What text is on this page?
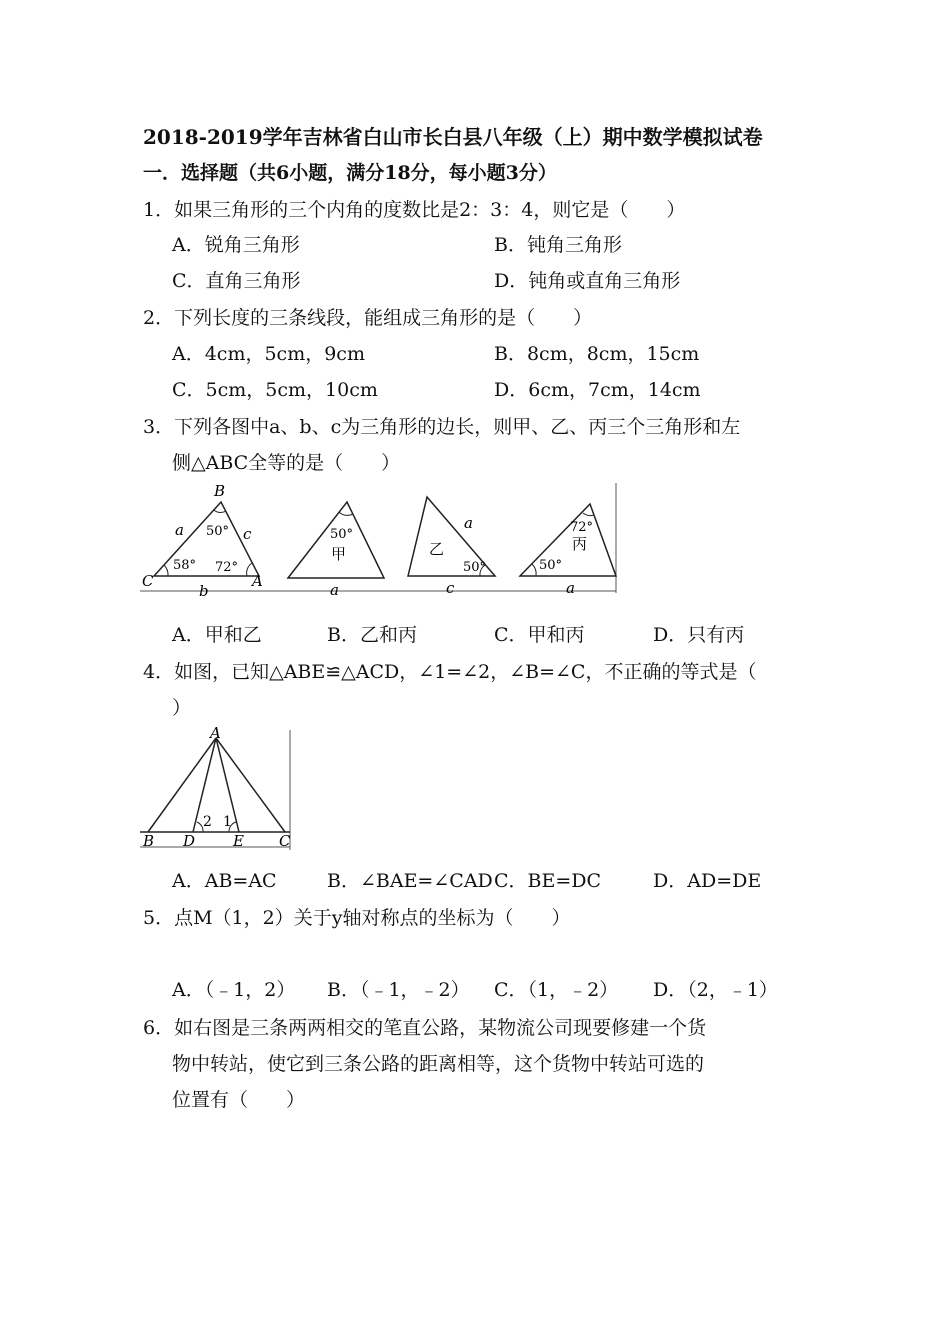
2018-2019学年吉林省白山市长白县八年级（上）期中数学模拟试卷
一．选择题（共6小题，满分18分，每小题3分）
1．如果三角形的三个内角的度数比是2：3：4，则它是（　　）
A．锐角三角形	B．钝角三角形
C．直角三角形	D．钝角或直角三角形
2．下列长度的三条线段，能组成三角形的是（　　）
A．4cm，5cm，9cm	B．8cm，8cm，15cm
C．5cm，5cm，10cm	D．6cm，7cm，14cm
3．下列各图中a、b、c为三角形的边长，则甲、乙、丙三个三角形和左
侧△ABC全等的是（　　）
B
C	A
a	c
b
50°
58° 72°
50°
甲
a
乙
a
50°
c
72°
丙
50°
a
A．甲和乙	B．乙和丙	C．甲和丙	D．只有丙
4．如图，已知△ABE≌△ACD，∠1=∠2，∠B=∠C，不正确的等式是（
）
A
B D	E C
2 1
A．AB=AC	B．∠BAE=∠CAD C．BE=DC	D．AD=DE
5．点M（1，2）关于y轴对称点的坐标为（　　）
A．（﹣1，2） B．（﹣1，﹣2） C．（1，﹣2） D．（2，﹣1）
6．如右图是三条两两相交的笔直公路，某物流公司现要修建一个货
物中转站，使它到三条公路的距离相等，这个货物中转站可选的
位置有（　　）
